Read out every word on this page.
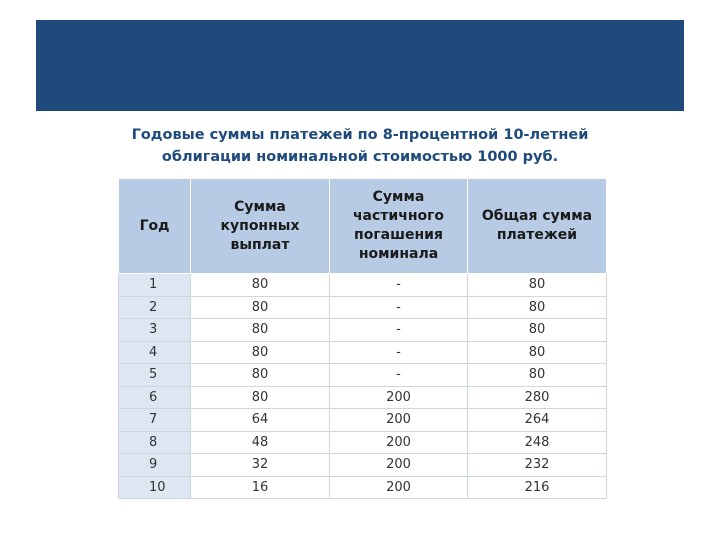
Годовые суммы платежей по 8-процентной 10-летней
облигации номинальной стоимостью 1000 руб.
Год	Сумма купонных выплат	Сумма частичного погашения номинала	Общая сумма платежей
1	80	-	80
2	80	-	80
3	80	-	80
4	80	-	80
5	80	-	80
6	80	200	280
7	64	200	264
8	48	200	248
9	32	200	232
10	16	200	216
